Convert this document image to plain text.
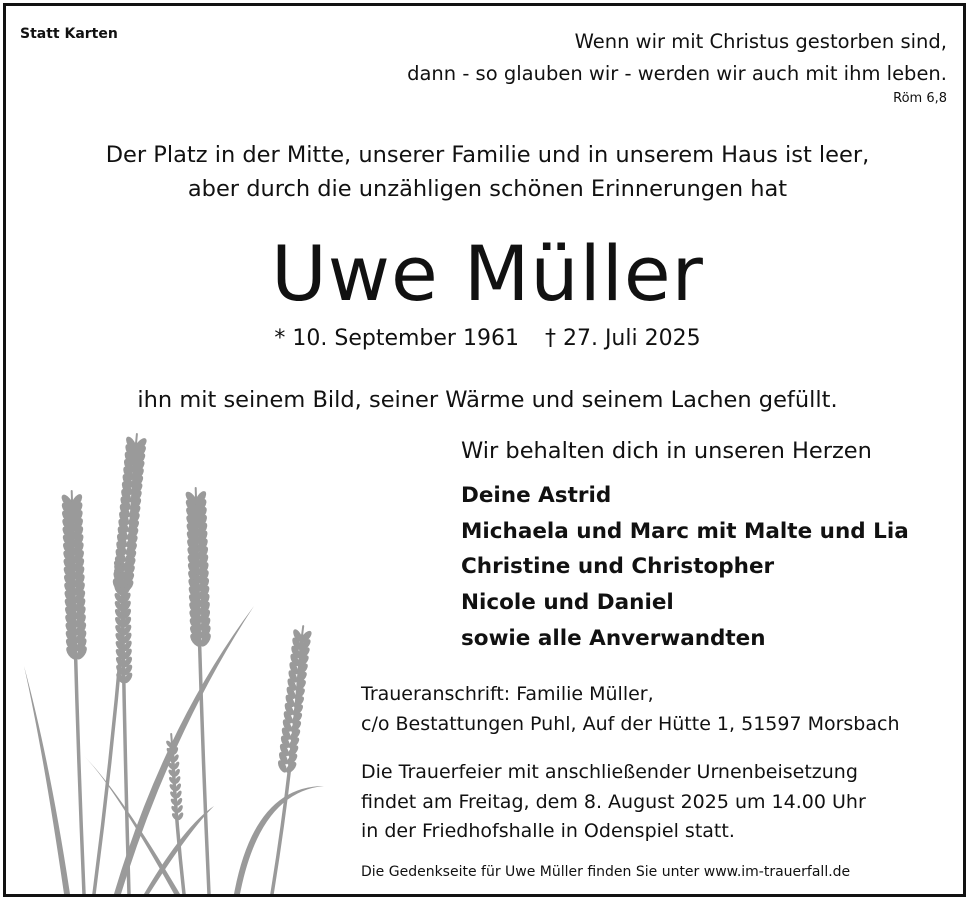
Statt Karten	Wenn wir mit Christus gestorben sind,
dann - so glauben wir - werden wir auch mit ihm leben.
Röm 6,8
Der Platz in der Mitte, unserer Familie und in unserem Haus ist leer,
aber durch die unzähligen schönen Erinnerungen hat
Uwe Müller
* 10. September 1961 † 27. Juli 2025
ihn mit seinem Bild, seiner Wärme und seinem Lachen gefüllt.
Wir behalten dich in unseren Herzen
Deine Astrid
Michaela und Marc mit Malte und Lia
Christine und Christopher
Nicole und Daniel
sowie alle Anverwandten
Traueranschrift: Familie Müller,
c/o Bestattungen Puhl, Auf der Hütte 1, 51597 Morsbach
Die Trauerfeier mit anschließender Urnenbeisetzung
findet am Freitag, dem 8. August 2025 um 14.00 Uhr
in der Friedhofshalle in Odenspiel statt.
Die Gedenkseite für Uwe Müller finden Sie unter www.im-trauerfall.de
